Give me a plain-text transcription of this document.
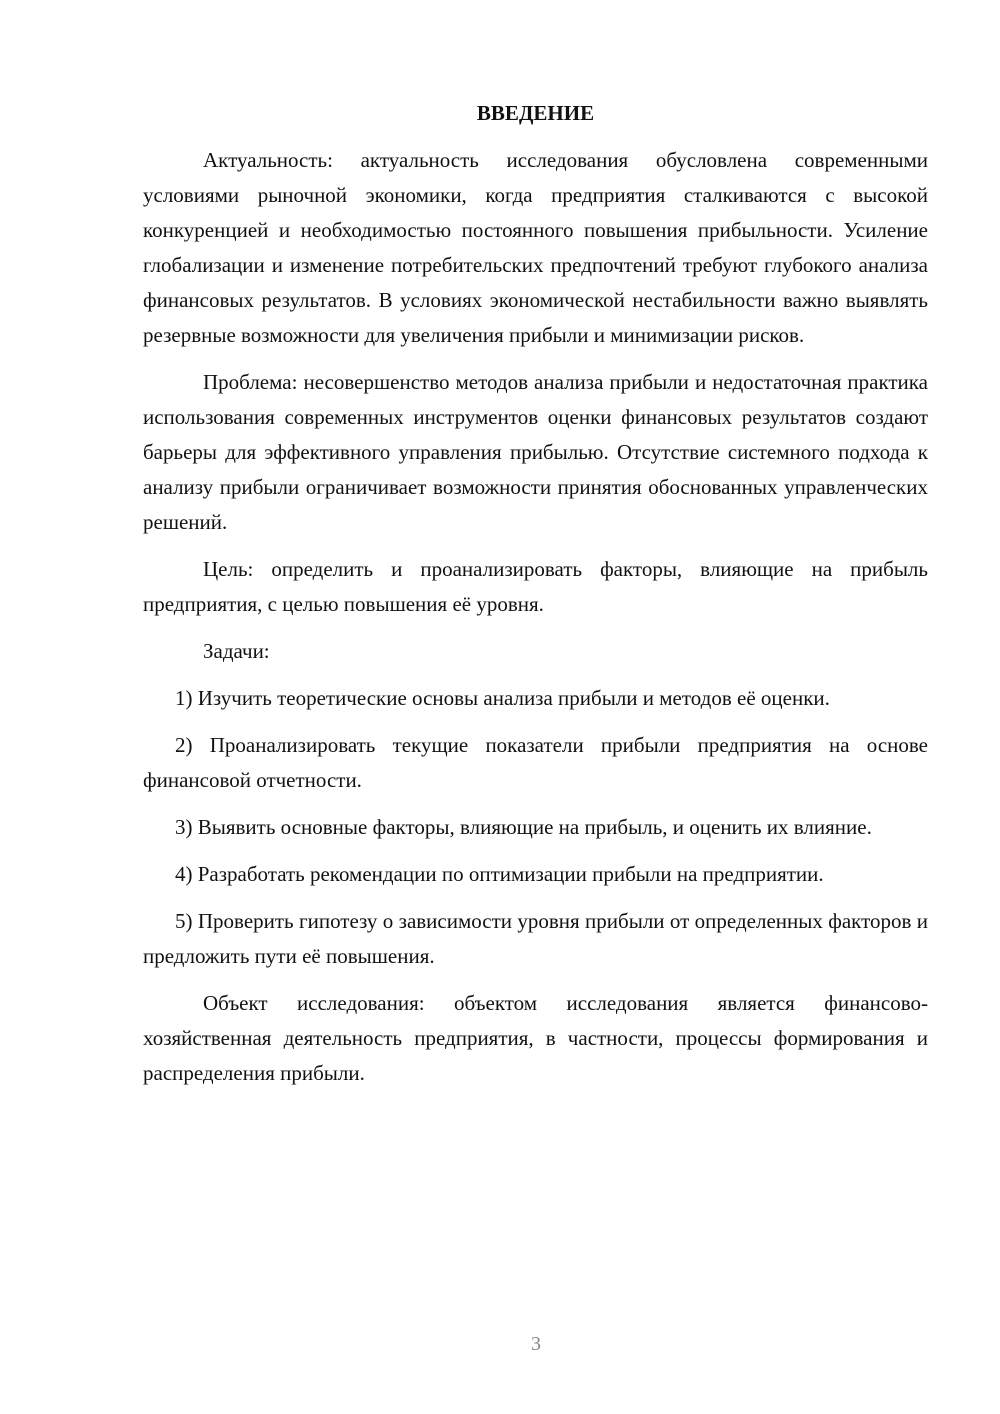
ВВЕДЕНИЕ

Актуальность: актуальность исследования обусловлена современными условиями рыночной экономики, когда предприятия сталкиваются с высокой конкуренцией и необходимостью постоянного повышения прибыльности. Усиление глобализации и изменение потребительских предпочтений требуют глубокого анализа финансовых результатов. В условиях экономической нестабильности важно выявлять резервные возможности для увеличения прибыли и минимизации рисков.

Проблема: несовершенство методов анализа прибыли и недостаточная практика использования современных инструментов оценки финансовых результатов создают барьеры для эффективного управления прибылью. Отсутствие системного подхода к анализу прибыли ограничивает возможности принятия обоснованных управленческих решений.

Цель: определить и проанализировать факторы, влияющие на прибыль предприятия, с целью повышения её уровня.

Задачи:

1) Изучить теоретические основы анализа прибыли и методов её оценки.

2) Проанализировать текущие показатели прибыли предприятия на основе финансовой отчетности.

3) Выявить основные факторы, влияющие на прибыль, и оценить их влияние.

4) Разработать рекомендации по оптимизации прибыли на предприятии.

5) Проверить гипотезу о зависимости уровня прибыли от определенных факторов и предложить пути её повышения.

Объект исследования: объектом исследования является финансово-хозяйственная деятельность предприятия, в частности, процессы формирования и распределения прибыли.

3
